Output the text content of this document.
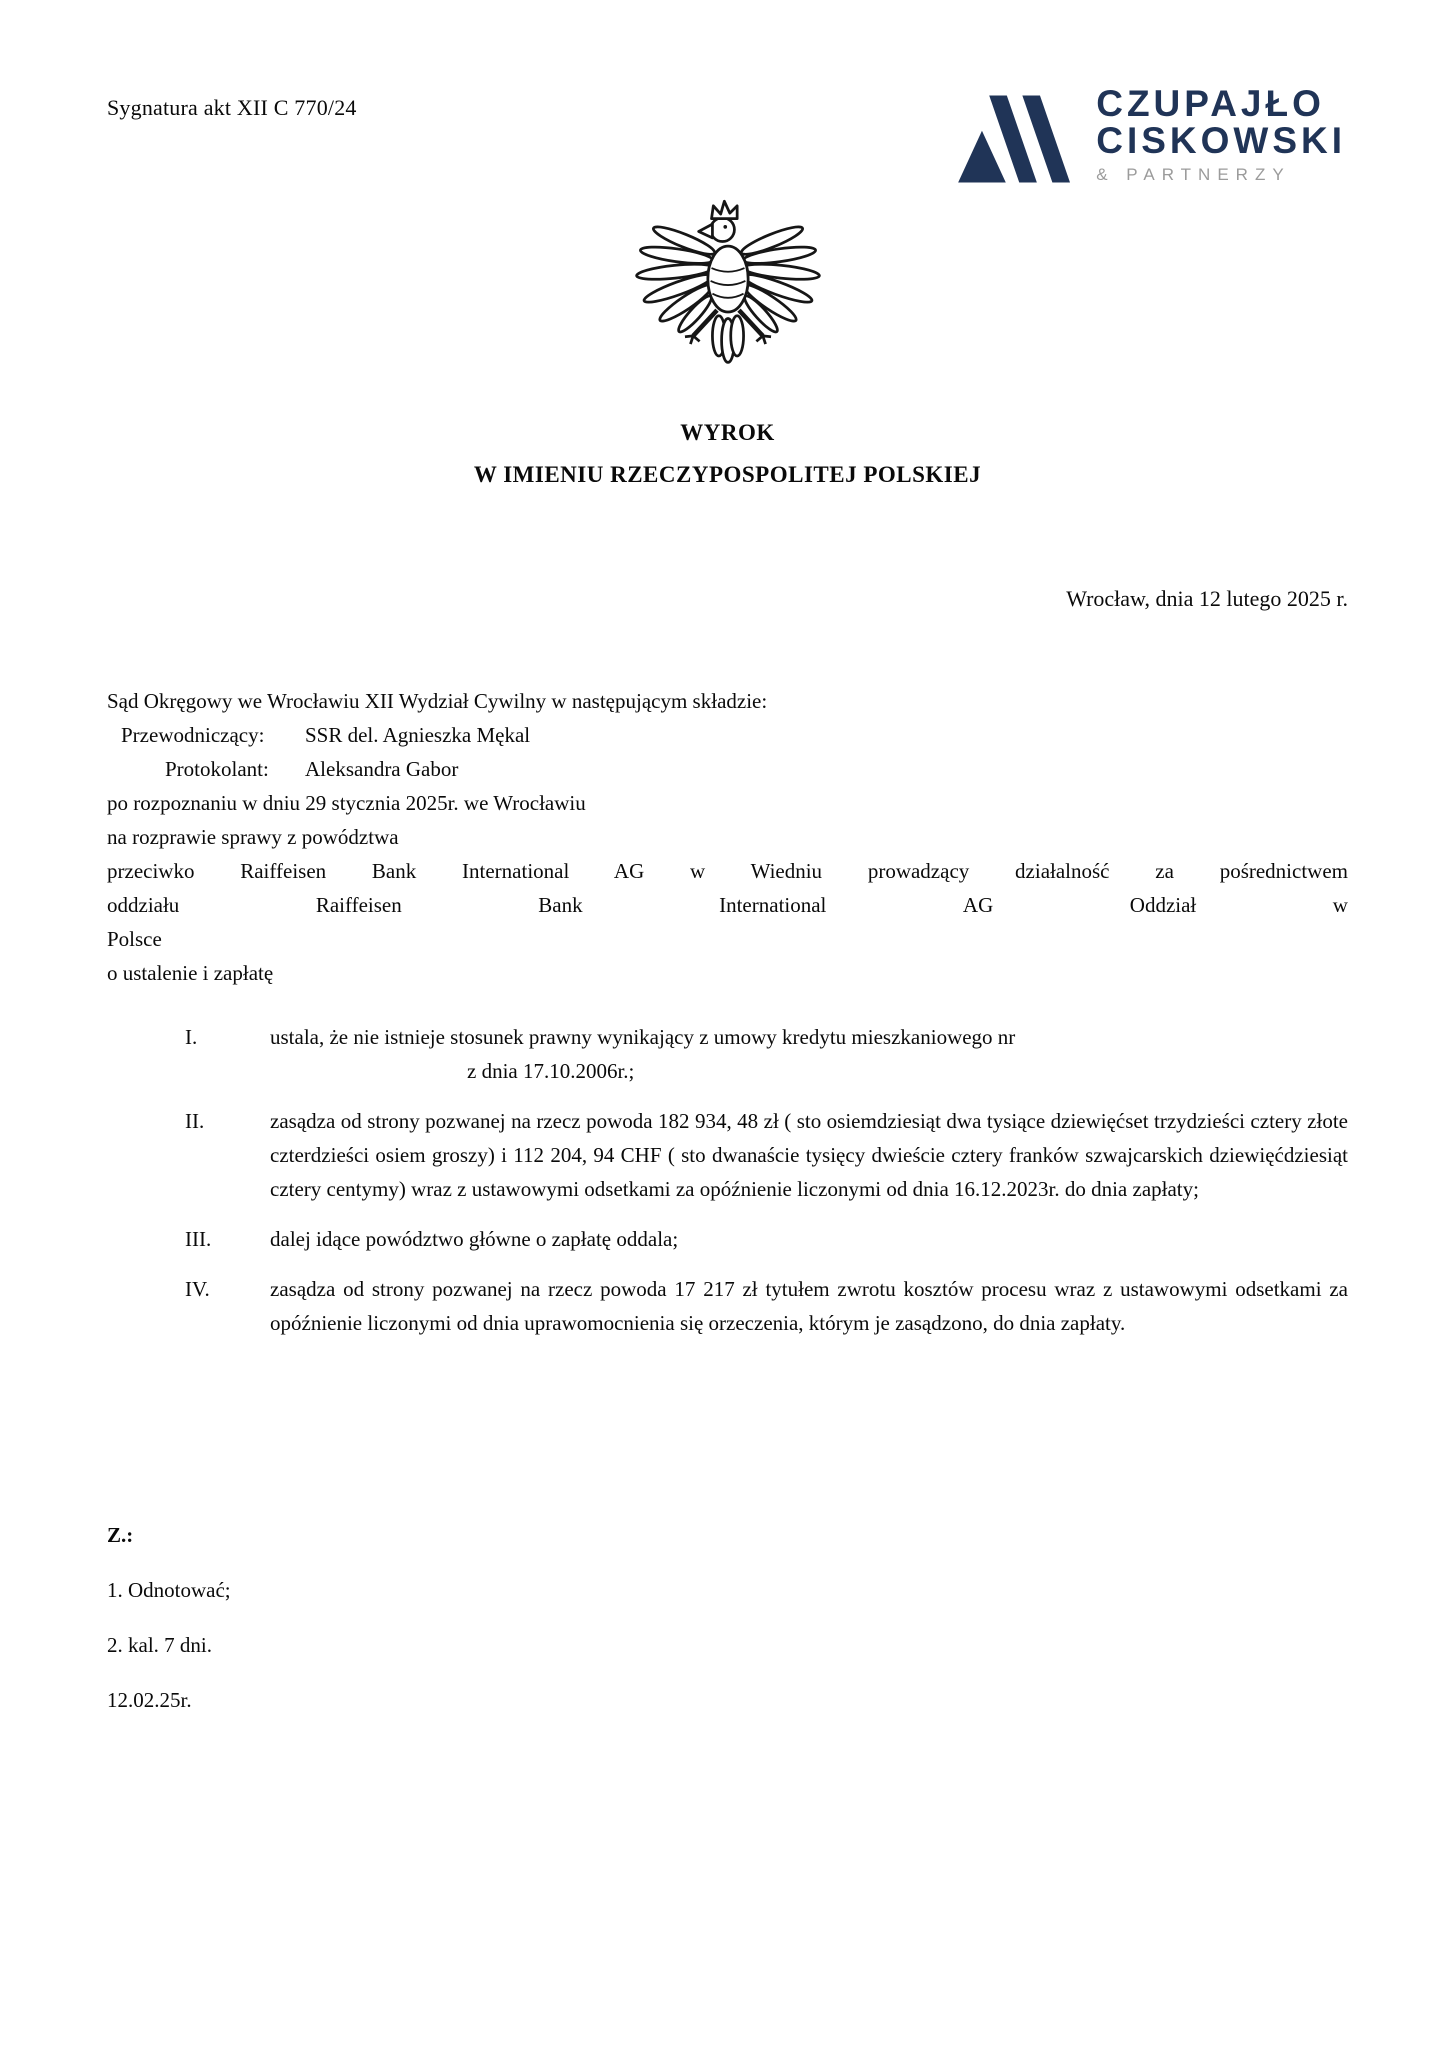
Sygnatura akt XII C 770/24	CZUPAJŁO
CISKOWSKI
& PARTNERZY
WYROK
W IMIENIU RZECZYPOSPOLITEJ POLSKIEJ
Wrocław, dnia 12 lutego 2025 r.
Sąd Okręgowy we Wrocławiu XII Wydział Cywilny w następującym składzie:
Przewodniczący:	SSR del. Agnieszka Mękal
Protokolant:	Aleksandra Gabor
po rozpoznaniu w dniu 29 stycznia 2025r. we Wrocławiu
na rozprawie sprawy z powództwa
przeciwko Raiffeisen Bank International AG w Wiedniu prowadzący działalność za pośrednictwem
oddziału	Raiffeisen	Bank	International	AG	Oddział	w
Polsce
o ustalenie i zapłatę
I.	ustala, że nie istnieje stosunek prawny wynikający z umowy kredytu mieszkaniowego nr
z dnia 17.10.2006r.;
II.	zasądza od strony pozwanej na rzecz powoda 182 934, 48 zł ( sto osiemdziesiąt dwa tysiące dziewięćset trzydzieści cztery złote czterdzieści osiem groszy) i 112 204, 94 CHF ( sto dwanaście tysięcy dwieście cztery franków szwajcarskich dziewięćdziesiąt cztery centymy) wraz z ustawowymi odsetkami za opóźnienie liczonymi od dnia 16.12.2023r. do dnia zapłaty;
III.	dalej idące powództwo główne o zapłatę oddala;
IV.	zasądza od strony pozwanej na rzecz powoda 17 217 zł tytułem zwrotu kosztów procesu wraz z ustawowymi odsetkami za opóźnienie liczonymi od dnia uprawomocnienia się orzeczenia, którym je zasądzono, do dnia zapłaty.
Z.:
1. Odnotować;
2. kal. 7 dni.
12.02.25r.
